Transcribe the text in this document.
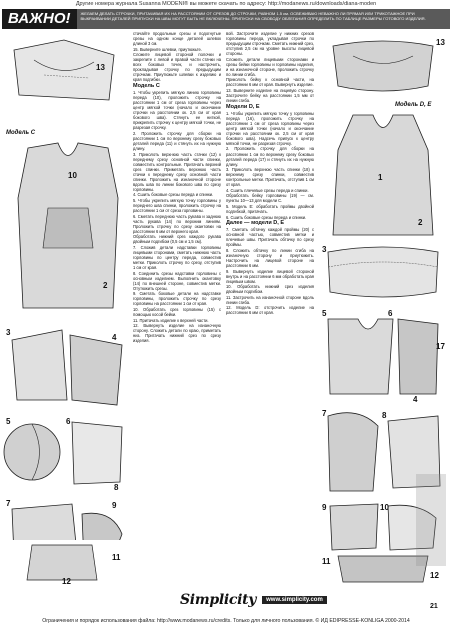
Другие номера журнала Susanna MODENI® вы можете скачать по адресу: http://modanews.ru/downloads/diana-moden
ВАЖНО!	ЖЕЛАЕМ ДЕЛАТЬ СТРОЧКИ, ПРИТАЧИВАЯ ИХ НА РАССТОЯНИИ ОТ СРЕЗОВ ДО СТРОЧКИ, РАВНОМ 1.5 см. ОСВЕЖИВАЮ НЕВАЖНО ЛИ ПРЯМАЯ ИЛИ ТРИКОТАЖНОЕ ПРИ ВЫКРАИВАНИИ ДЕТАЛЕЙ ПРИПУСКИ НА ШВЫ МОГУТ БЫТЬ НЕ ВКЛЮЧЕНЫ. ПРИПУСКИ НА СВОБОДУ ОБЛЕГАНИЯ ОПРЕДЕЛИТЬ ПО ТАБЛИЦЕ РАЗМЕРЫ ГОТОВОГО ИЗДЕЛИЯ.
13
Модель С
10
2
3
4
5	6
8
7	9
11
12

стачайте продольные срезы и подогнутые срезы на одном конце деталей шлевок длиной 3 см.

15. Выверните шлевки, приутюжьте.

Сложите лицевой стороной полочки и закрепите с левой и правой части стачки на всех боковых точек, и настрочить, прокладывая строчку по предыдущим строчкам. Приутюжьте шлевки к изделию и края подгибки.

Модель С

1. Чтобы укрепить мягкую линию горловины переда (10), проложить строчку на расстоянии 1 см от среза горловины через центр мягкой точки (начало и окончание строчки на расстоянии ок. 2,5 см от края бокового шва). Стянуть ее ниткой, прикрепить строчку к центру мягкой точки, не разрезая строчку.

2. Проложить строчку для сборки на расстоянии 1 см по верхнему срезу боковых деталей переда (11) и стянуть их на нужную длину.

3. Приколоть верхнюю часть стачки (12) к переднему срезу основной части спинки, совместить контрольные. Притачать верхний срез спинки. Приметать верхнюю часть стачки к переднему срезу основной части спинки. Проложить на изнаночной стороне вдоль шва по линии бокового шва по срезу горловины.

4. Сшить боковые срезы переда и спинки.

5. Чтобы укрепить мягкую точку горловины у переднего шва спинки, проложить строчку на расстоянии 1 см от среза горловины.

6. Сметать переднюю часть рукава и заднюю часть рукава (14) по верхним линиям. Проложить строчку по срезу окантовки на расстоянии 6 мм от верхнего края.

Обработать нижний срез каждого рукава двойным подгибом (0,5 см и 1,5 см).

7. Сложив детали надставки горловины лицевыми сторонами, сметать нижнюю часть горловины по центру переда, совместив метки. Приколоть строчку по срезу, отступив 1 см от края.

8. Соединить срезы надставки горловины с основным изделием. Выполнить окантовку (14) по внешней стороне, совместив метки. Отутюжить срезы.

9. Сметать боковые детали на надставке горловины, проложить строчку по срезу горловины на расстоянии 1 см от края.

10. Обработать срез горловины (15) с помощью косой бейки.

11. Притачать изделие к верхней части.

12. Вывернуть изделие на изнаночную сторону. Сложить детали по краю, приметать низ. Притачать нижний срез по срезу изделия.

вой. Застрочите изделие у нижних срезов горловины переда, укладывая строчки по предыдущим строчкам. Сметать нижний срез, отступив 2,5 см на уровне высоты лицевой стороны.

Сложить детали лицевыми сторонами и срезы бейки горловины и горловины изделия, и на изнаночной стороне, проложить строчку по линии сгиба.

Приколоть бейку к основной части, на расстоянии 6 мм от края. Вывернуть изделие.

13. Выверните изделие на лицевую сторону. Застрочите бейку на расстоянии 1,5 мм от линии сгиба.

Модели D, E

1. Чтобы укрепить мягкую точку у горловины переда (16), проложить строчку на расстоянии 1 см от среза горловины через центр мягкой точки (начало и окончание строчки на расстоянии ок. 2,5 см от края бокового шва). Надсечь припуск к центру мягкой точки, не разрезая строчку.

2. Проложить строчку для сборки на расстоянии 1 см по верхнему срезу боковых деталей переда (17) и стянуть их на нужную длину.

3. Приколоть верхнюю часть спинки (18) к верхнему срезу спинки, совместив контрольные метки. Притачать, отступив 1 см от края.

4. Сшить плечевые срезы переда и спинки.

Обработать бейку горловины (19) — см. пункты 10—13 для модели С.

5. Модель Е: обработать проймы двойной подгибкой, притачать.

6. Сшить боковые срезы переда и спинки.

Далее — модели D, E

7. Сметать обтачку каждой проймы (20) с основной частью, совместив метки и плечевые швы. Притачать обтачку по срезу проймы.

8. Сложить обтачку по линии сгиба на изнаночную сторону и приутюжить. Настрочить на лицевой стороне на расстоянии 6 мм.

9. Вывернуть изделие лицевой стороной внутрь и на расстоянии 6 мм обработать края лицевым швом.

10. Обработать нижний срез изделия двойным подгибом.

11. Застрочить на изнаночной стороне вдоль линии сгиба.

12. Модель D: отстрочить изделие на расстоянии 6 мм от края.

13
Модель D, E
1
2
3
5	6
17
4
7	8
9	10
11
12
Simplicity	www.simplicity.com
21
Ограничения и порядок использования файла: http://www.modanews.ru/credits. Только для личного пользования. © ИД EDIPRESSE-KONLIGA 2000-2014
